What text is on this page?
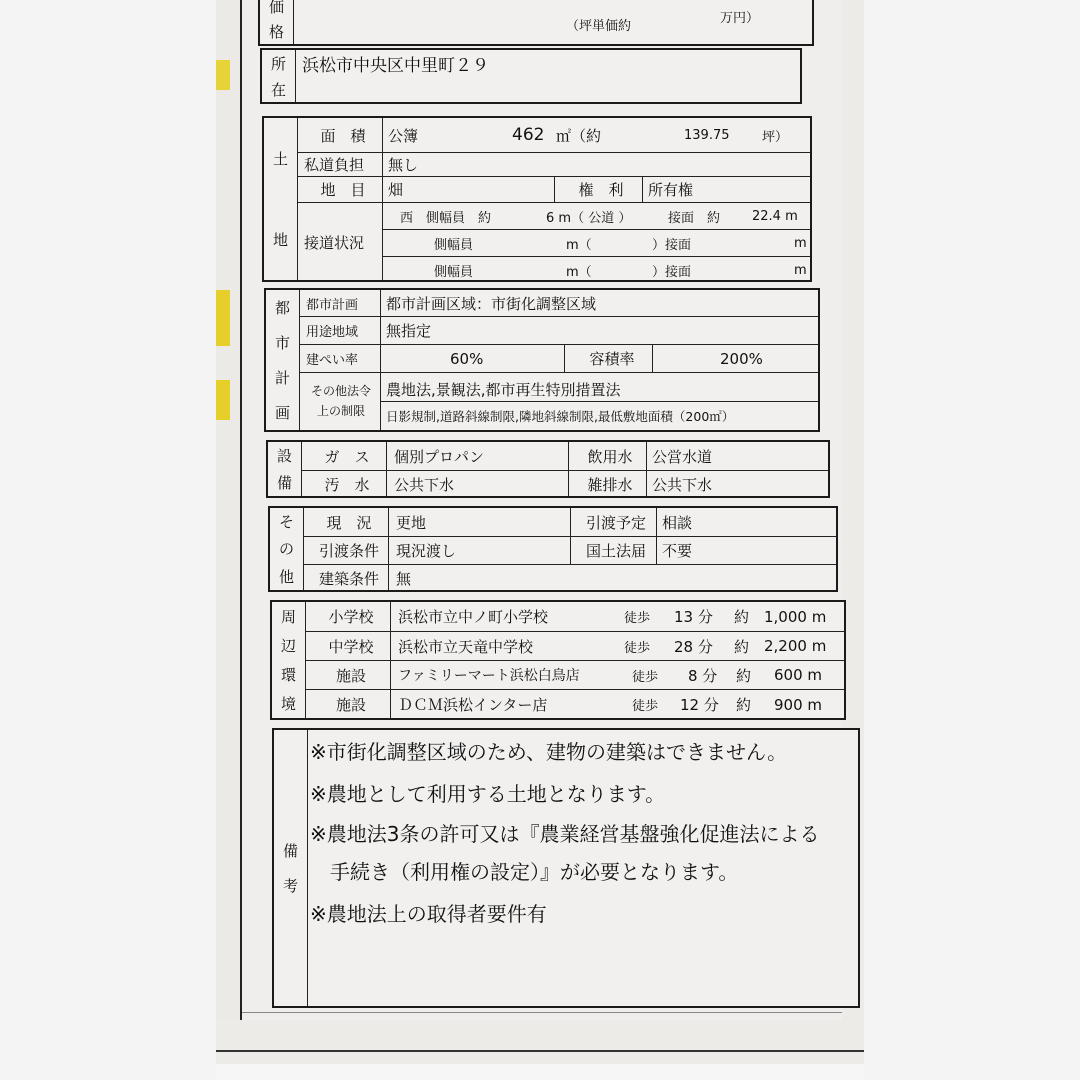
価
格	（坪単価約
万円）
所
在
浜松市中央区中里町２９
土
地
面　積	公簿	462 ㎡（約	139.75	坪）
私道負担	無し
地　目	畑	権　利	所有権
接道状況
西　側幅員　約	6 m（ 公道 ）	接面　約 22.4 m
側幅員	m（	）接面	m
側幅員	m（	）接面	m
都
市
計
画
都市計画	都市計画区域：市街化調整区域
用途地域	無指定
建ぺい率	60%	容積率	200%
その他法令
上の制限
農地法,景観法,都市再生特別措置法
日影規制,道路斜線制限,隣地斜線制限,最低敷地面積（200㎡）
設
備
ガ　ス	個別プロパン	飲用水	公営水道
汚　水	公共下水	雑排水	公共下水
そ
の
他
現　況	更地	引渡予定	相談
引渡条件	現況渡し	国土法届	不要
建築条件	無
周
辺
環
境
小学校	浜松市立中ノ町小学校	徒歩 13 分 約 1,000 m
中学校	浜松市立天竜中学校	徒歩 28 分 約 2,200 m
施設	ファミリーマート浜松白鳥店	徒歩 8 分 約 600 m
施設	ＤＣＭ浜松インター店	徒歩 12 分 約 900 m
備
考
※市街化調整区域のため、建物の建築はできません。
※農地として利用する土地となります。
※農地法3条の許可又は『農業経営基盤強化促進法による
　手続き（利用権の設定）』が必要となります。
※農地法上の取得者要件有
